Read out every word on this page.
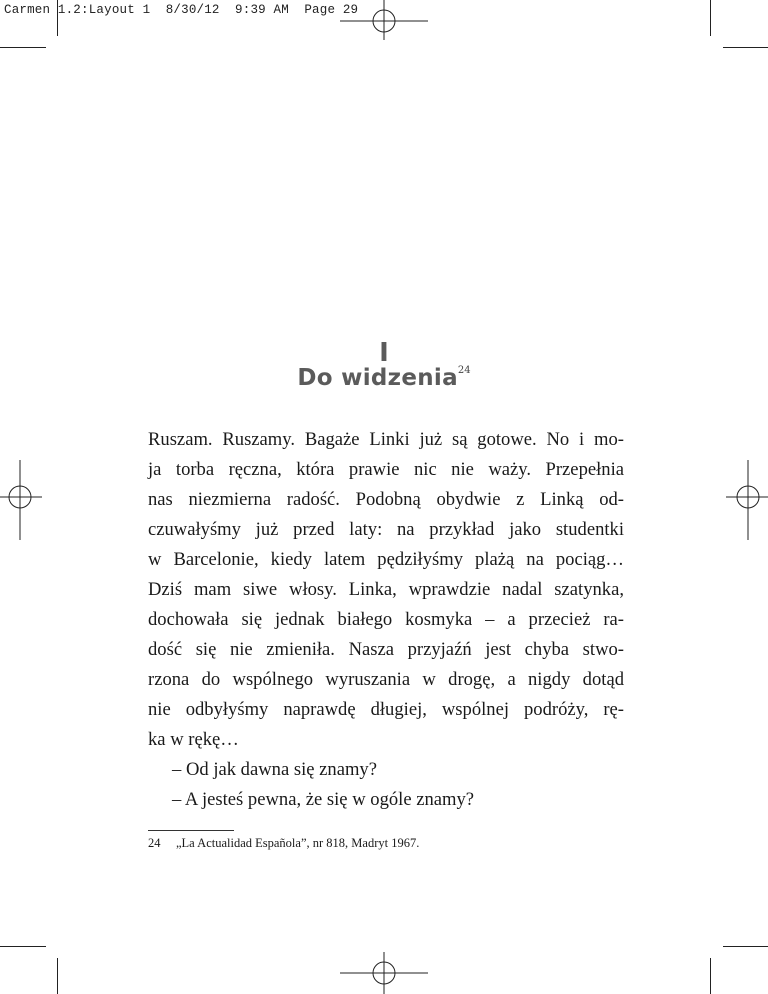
Carmen 1.2:Layout 1  8/30/12  9:39 AM  Page 29
I
Do widzenia$^{24}$
Ruszam. Ruszamy. Bagaże Linki już są gotowe. No i mo-
ja torba ręczna, która prawie nic nie waży. Przepełnia
nas niezmierna radość. Podobną obydwie z Linką od-
czuwałyśmy już przed laty: na przykład jako studentki
w Barcelonie, kiedy latem pędziłyśmy plażą na pociąg…
Dziś mam siwe włosy. Linka, wprawdzie nadal szatynka,
dochowała się jednak białego kosmyka – a przecież ra-
dość się nie zmieniła. Nasza przyjaźń jest chyba stwo-
rzona do wspólnego wyruszania w drogę, a nigdy dotąd
nie odbyłyśmy naprawdę długiej, wspólnej podróży, rę-
ka w rękę…
– Od jak dawna się znamy?
– A jesteś pewna, że się w ogóle znamy?
24 „La Actualidad Española”, nr 818, Madryt 1967.
